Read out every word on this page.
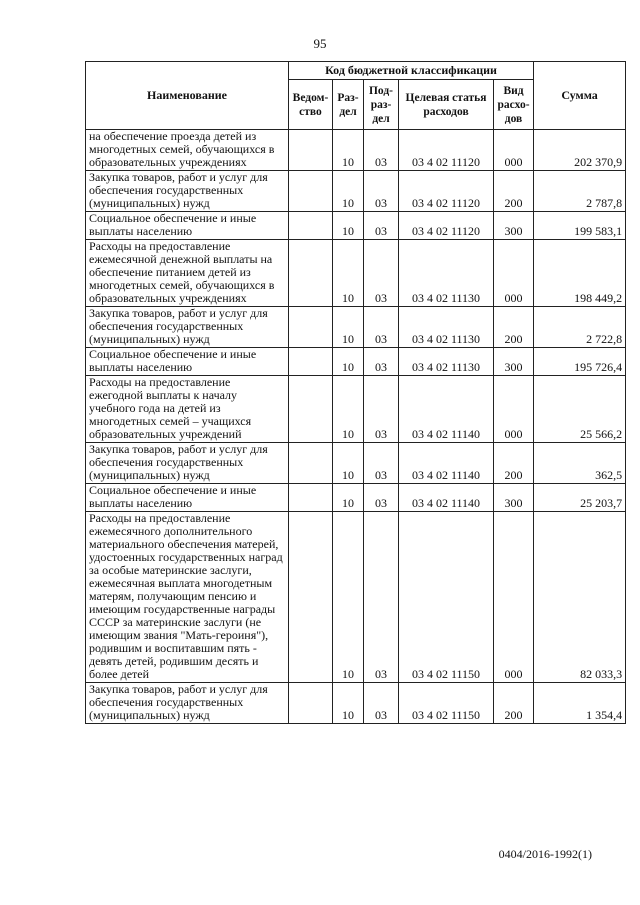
95
Наименование	Код бюджетной классификации					Сумма
	Ведом-ство	Раз-дел	Под-раз-дел	Целевая статья расходов	Вид расхо-дов	
на обеспечение проезда детей из многодетных семей, обучающихся в образовательных учреждениях		10	03	03 4 02 11120	000	202 370,9
Закупка товаров, работ и услуг для обеспечения государственных (муниципальных) нужд		10	03	03 4 02 11120	200	2 787,8
Социальное обеспечение и иные выплаты населению		10	03	03 4 02 11120	300	199 583,1
Расходы на предоставление ежемесячной денежной выплаты на обеспечение питанием детей из многодетных семей, обучающихся в образовательных учреждениях		10	03	03 4 02 11130	000	198 449,2
Закупка товаров, работ и услуг для обеспечения государственных (муниципальных) нужд		10	03	03 4 02 11130	200	2 722,8
Социальное обеспечение и иные выплаты населению		10	03	03 4 02 11130	300	195 726,4
Расходы на предоставление ежегодной выплаты к началу учебного года на детей из многодетных семей – учащихся образовательных учреждений		10	03	03 4 02 11140	000	25 566,2
Закупка товаров, работ и услуг для обеспечения государственных (муниципальных) нужд		10	03	03 4 02 11140	200	362,5
Социальное обеспечение и иные выплаты населению		10	03	03 4 02 11140	300	25 203,7
Расходы на предоставление ежемесячного дополнительного материального обеспечения матерей, удостоенных государственных наград за особые материнские заслуги, ежемесячная выплата многодетным матерям, получающим пенсию и имеющим государственные награды СССР за материнские заслуги (не имеющим звания "Мать-героиня"), родившим и воспитавшим пять - девять детей, родившим десять и более детей		10	03	03 4 02 11150	000	82 033,3
Закупка товаров, работ и услуг для обеспечения государственных (муниципальных) нужд		10	03	03 4 02 11150	200	1 354,4
0404/2016-1992(1)
